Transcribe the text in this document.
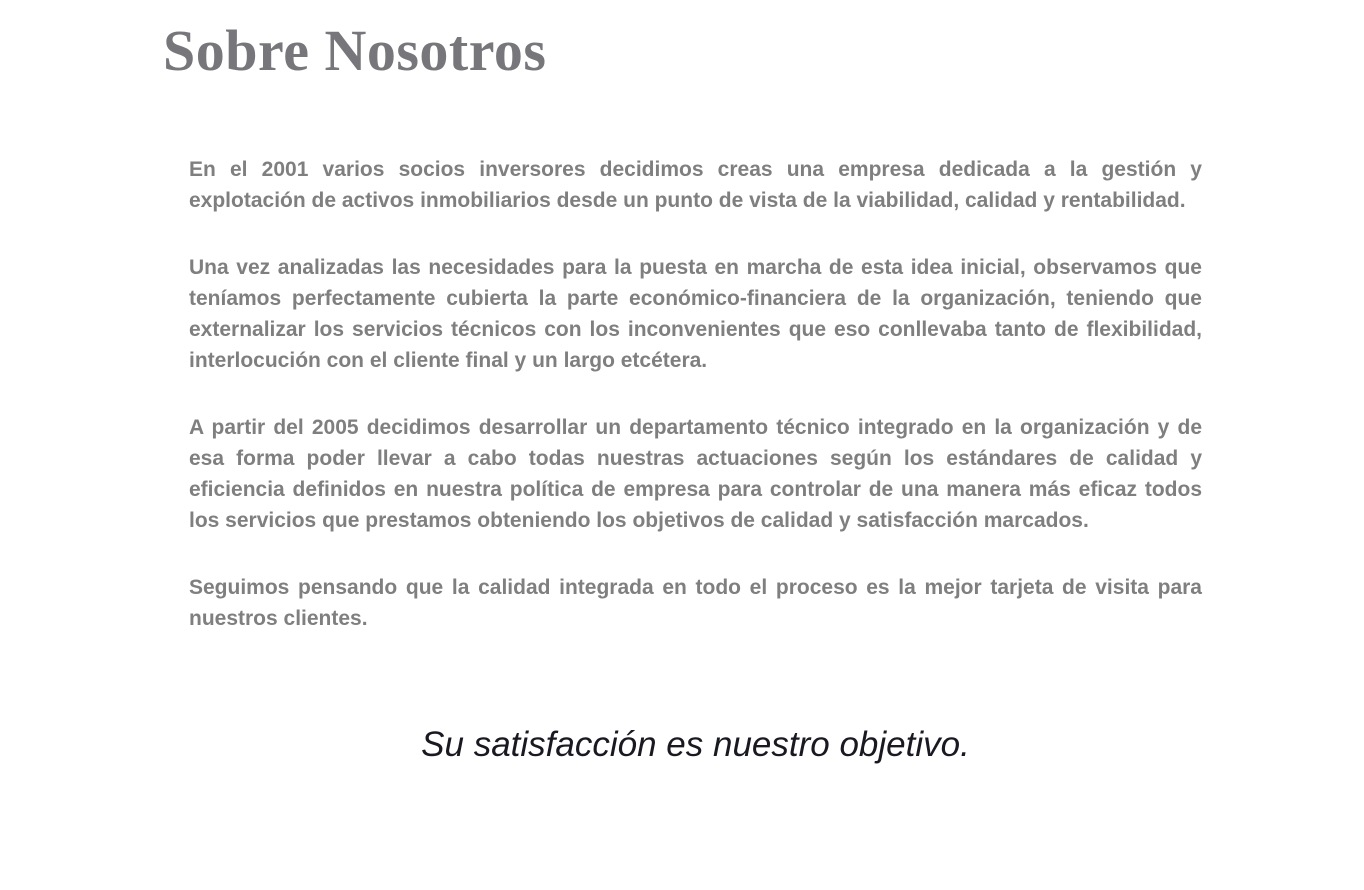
Sobre Nosotros

En el 2001 varios socios inversores decidimos creas una empresa dedicada a la gestión y explotación de activos inmobiliarios desde un punto de vista de la viabilidad, calidad y rentabilidad.

Una vez analizadas las necesidades para la puesta en marcha de esta idea inicial, observamos que teníamos perfectamente cubierta la parte económico-financiera de la organización, teniendo que externalizar los servicios técnicos con los inconvenientes que eso conllevaba tanto de flexibilidad, interlocución con el cliente final y un largo etcétera.

A partir del 2005 decidimos desarrollar un departamento técnico integrado en la organización y de esa forma poder llevar a cabo todas nuestras actuaciones según los estándares de calidad y eficiencia definidos en nuestra política de empresa para controlar de una manera más eficaz todos los servicios que prestamos obteniendo los objetivos de calidad y satisfacción marcados.

Seguimos pensando que la calidad integrada en todo el proceso es la mejor tarjeta de visita para nuestros clientes.

Su satisfacción es nuestro objetivo.
